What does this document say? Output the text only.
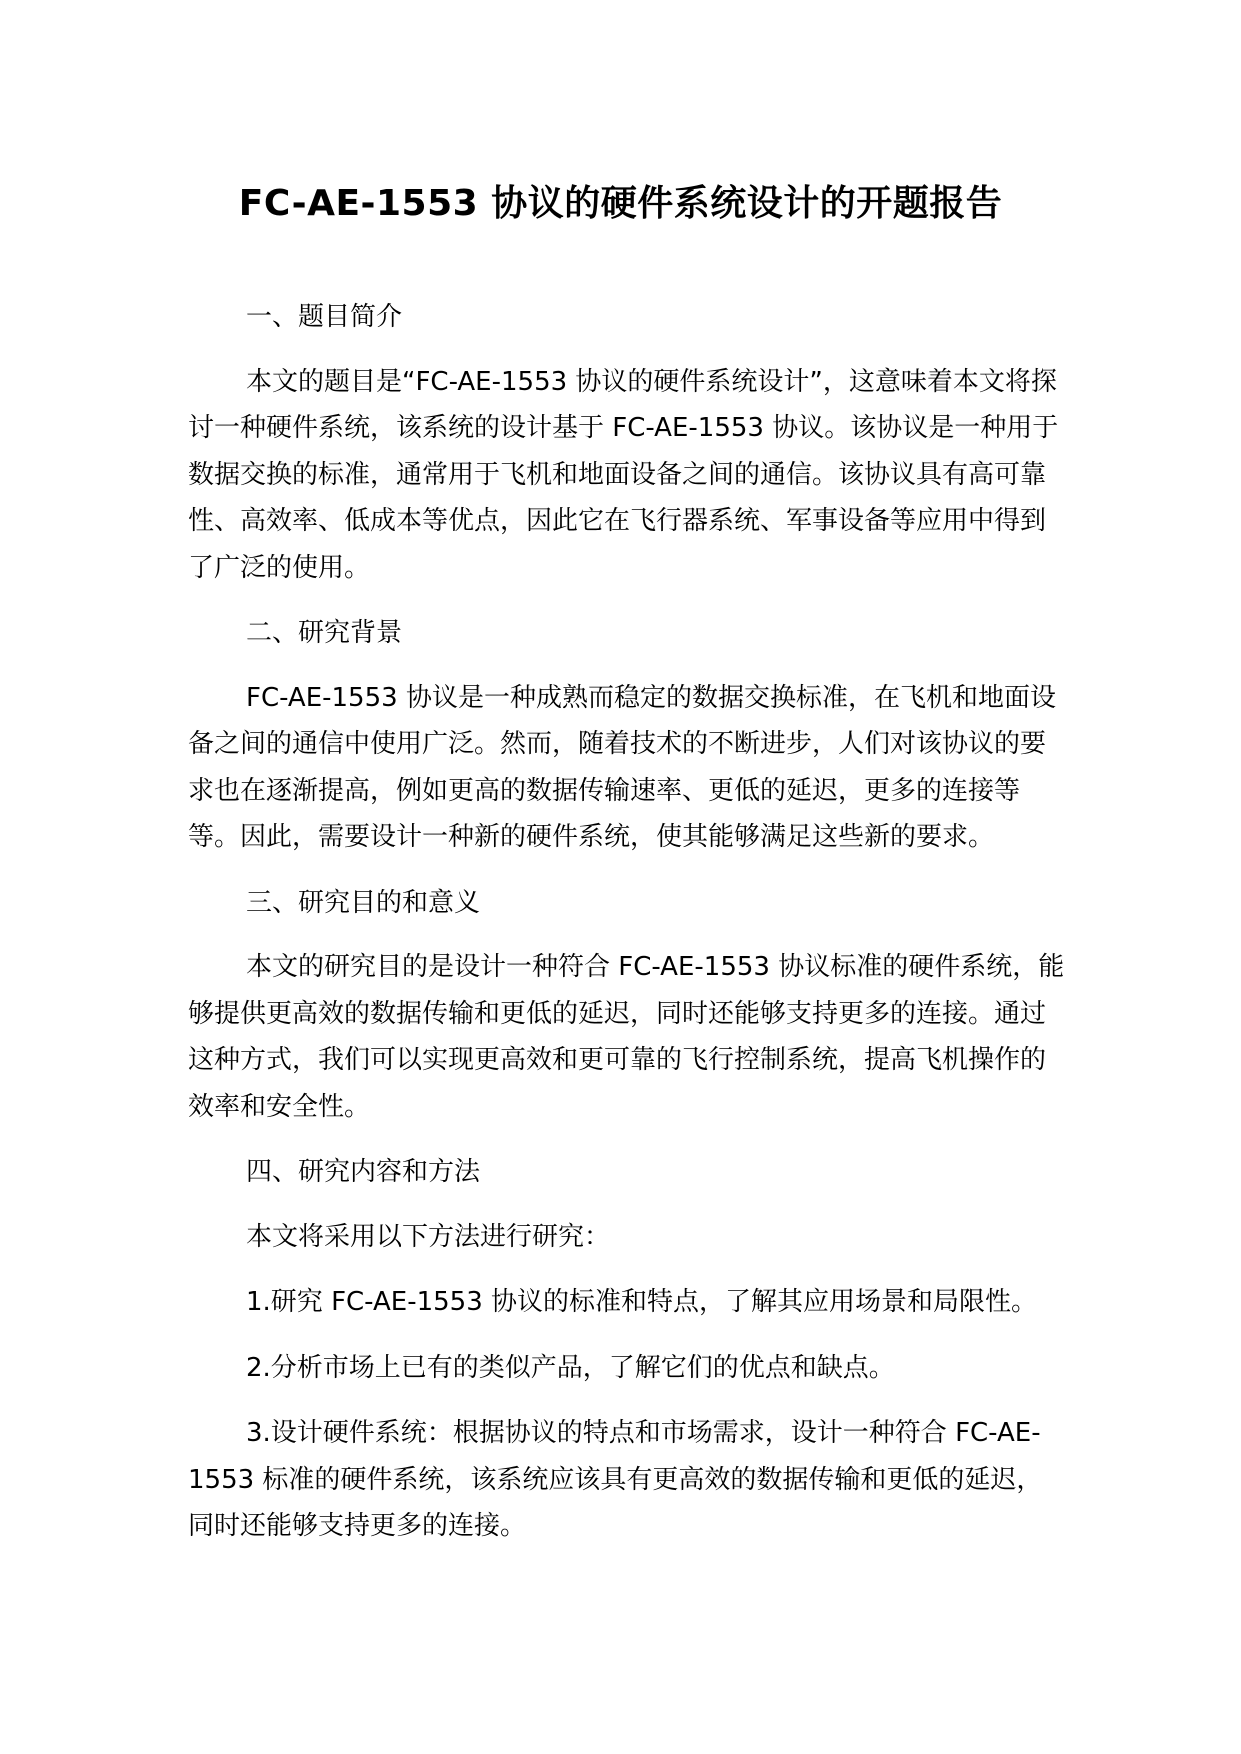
FC-AE-1553 协议的硬件系统设计的开题报告

一、题目简介

本文的题目是“FC-AE-1553 协议的硬件系统设计”，这意味着本文将探讨一种硬件系统，该系统的设计基于 FC-AE-1553 协议。该协议是一种用于数据交换的标准，通常用于飞机和地面设备之间的通信。该协议具有高可靠性、高效率、低成本等优点，因此它在飞行器系统、军事设备等应用中得到了广泛的使用。

二、研究背景

FC-AE-1553 协议是一种成熟而稳定的数据交换标准，在飞机和地面设备之间的通信中使用广泛。然而，随着技术的不断进步，人们对该协议的要求也在逐渐提高，例如更高的数据传输速率、更低的延迟，更多的连接等等。因此，需要设计一种新的硬件系统，使其能够满足这些新的要求。

三、研究目的和意义

本文的研究目的是设计一种符合 FC-AE-1553 协议标准的硬件系统，能够提供更高效的数据传输和更低的延迟，同时还能够支持更多的连接。通过这种方式，我们可以实现更高效和更可靠的飞行控制系统，提高飞机操作的效率和安全性。

四、研究内容和方法

本文将采用以下方法进行研究：

1.研究 FC-AE-1553 协议的标准和特点，了解其应用场景和局限性。

2.分析市场上已有的类似产品，了解它们的优点和缺点。

3.设计硬件系统：根据协议的特点和市场需求，设计一种符合 FC-AE-1553 标准的硬件系统，该系统应该具有更高效的数据传输和更低的延迟，同时还能够支持更多的连接。
